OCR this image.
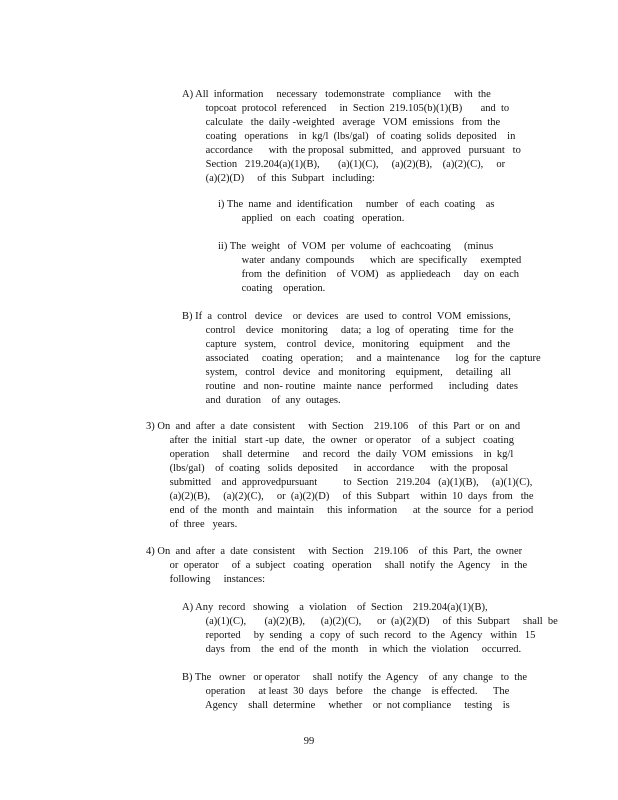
A) All  information     necessary   todemonstrate   compliance     with  the
topcoat  protocol  referenced     in  Section  219.105(b)(1)(B)       and  to
calculate   the  daily -weighted   average   VOM  emissions   from  the
coating   operations    in  kg/l  (lbs/gal)   of  coating  solids  deposited    in
accordance      with  the proposal  submitted,   and  approved   pursuant   to
Section   219.204(a)(1)(B),       (a)(1)(C),     (a)(2)(B),    (a)(2)(C),     or
(a)(2)(D)     of  this  Subpart   including:
i) The  name  and  identification     number   of  each  coating    as
applied   on  each   coating   operation.
ii) The  weight   of  VOM  per  volume  of  eachcoating     (minus
water  andany  compounds      which  are  specifically     exempted
from  the  definition    of  VOM)   as  appliedeach     day  on  each
coating    operation.
B) If  a  control   device    or  devices   are  used  to  control  VOM  emissions,
control    device   monitoring     data;  a  log  of  operating    time  for  the
capture   system,    control   device,   monitoring    equipment     and  the
associated     coating   operation;     and  a  maintenance      log  for  the  capture
system,   control   device   and  monitoring    equipment,     detailing   all
routine   and  non- routine   mainte  nance   performed      including   dates
and  duration    of  any  outages.
3) On  and  after  a  date  consistent     with  Section    219.106    of  this  Part  or  on  and
after  the  initial   start -up  date,   the  owner   or operator    of  a  subject   coating
operation     shall  determine     and  record   the  daily  VOM  emissions    in  kg/l
(lbs/gal)    of  coating   solids  deposited      in  accordance      with  the  proposal
submitted    and  approvedpursuant          to  Section   219.204   (a)(1)(B),     (a)(1)(C),
(a)(2)(B),     (a)(2)(C),     or  (a)(2)(D)     of  this  Subpart    within  10  days  from   the
end  of  the  month   and  maintain     this  information      at  the  source   for  a  period
of  three   years.
4) On  and  after  a  date  consistent     with  Section    219.106    of  this  Part,  the  owner
or  operator     of  a  subject   coating   operation     shall  notify  the  Agency    in  the
following     instances:
A) Any  record   showing    a  violation    of  Section    219.204(a)(1)(B),
(a)(1)(C),       (a)(2)(B),      (a)(2)(C),      or  (a)(2)(D)     of  this  Subpart     shall  be
reported     by  sending   a  copy  of  such  record   to  the  Agency   within   15
days  from    the  end  of  the  month    in  which  the  violation     occurred.
B) The   owner   or operator     shall  notify  the  Agency    of  any  change   to  the
operation     at least  30  days   before    the  change    is effected.      The
Agency    shall  determine     whether    or  not compliance     testing    is
99
